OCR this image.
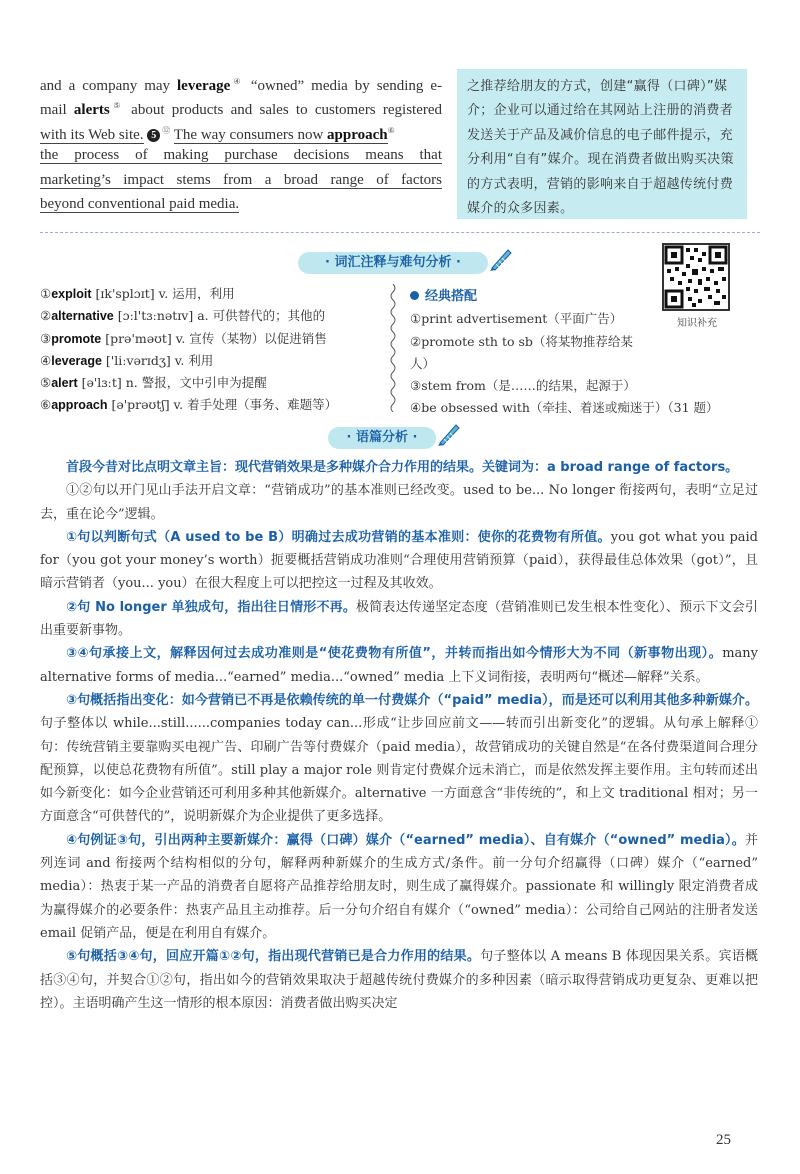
and a company may leverage④ “owned” media by sending e-
mail alerts⑤ about products and sales to customers registered
with its Web site. 5 ⑫ The way consumers now approach⑥
the process of making purchase decisions means that
marketing’s impact stems from a broad range of factors
beyond conventional paid media.
之推荐给朋友的方式，创建“赢得（口碑）”媒介；企业可以通过给在其网站上注册的消费者发送关于产品及减价信息的电子邮件提示，充分利用“自有”媒介。现在消费者做出购买决策的方式表明，营销的影响来自于超越传统付费媒介的众多因素。
· 词汇注释与难句分析 ·
知识补充
①exploit [ɪk'splɔɪt] v. 运用，利用
②alternative [ɔːl'tɜːnətɪv] a. 可供替代的；其他的
③promote [prə'məʊt] v. 宣传（某物）以促进销售
④leverage ['liːvərɪdʒ] v. 利用
⑤alert [ə'lɜːt] n. 警报，文中引申为提醒
⑥approach [ə'prəʊtʃ] v. 着手处理（事务、难题等）
经典搭配
①print advertisement（平面广告）
②promote sth to sb（将某物推荐给某人）
③stem from（是……的结果，起源于）
④be obsessed with（牵挂、着迷或痴迷于）（31 题）
· 语篇分析 ·

首段今昔对比点明文章主旨：现代营销效果是多种媒介合力作用的结果。关键词为：a broad range of factors。

①②句以开门见山手法开启文章：“营销成功”的基本准则已经改变。used to be... No longer 衔接两句，表明“立足过去，重在论今”逻辑。

①句以判断句式（A used to be B）明确过去成功营销的基本准则：使你的花费物有所值。you got what you paid for（you got your money’s worth）扼要概括营销成功准则“合理使用营销预算（paid），获得最佳总体效果（got）”，且暗示营销者（you... you）在很大程度上可以把控这一过程及其收效。

②句 No longer 单独成句，指出往日情形不再。极简表达传递坚定态度（营销准则已发生根本性变化）、预示下文会引出重要新事物。

③④句承接上文，解释因何过去成功准则是“使花费物有所值”，并转而指出如今情形大为不同（新事物出现）。many alternative forms of media...“earned” media...“owned” media 上下义词衔接，表明两句“概述—解释”关系。

③句概括指出变化：如今营销已不再是依赖传统的单一付费媒介（“paid” media），而是还可以利用其他多种新媒介。句子整体以 while...still......companies today can...形成“让步回应前文——转而引出新变化”的逻辑。从句承上解释①句：传统营销主要靠购买电视广告、印刷广告等付费媒介（paid media），故营销成功的关键自然是“在各付费渠道间合理分配预算，以使总花费物有所值”。still play a major role 则肯定付费媒介远未消亡，而是依然发挥主要作用。主句转而述出如今新变化：如今企业营销还可利用多种其他新媒介。alternative 一方面意含“非传统的”，和上文 traditional 相对；另一方面意含“可供替代的”，说明新媒介为企业提供了更多选择。

④句例证③句，引出两种主要新媒介：赢得（口碑）媒介（“earned” media）、自有媒介（“owned” media）。并列连词 and 衔接两个结构相似的分句，解释两种新媒介的生成方式/条件。前一分句介绍赢得（口碑）媒介（“earned” media）：热衷于某一产品的消费者自愿将产品推荐给朋友时，则生成了赢得媒介。passionate 和 willingly 限定消费者成为赢得媒介的必要条件：热衷产品且主动推荐。后一分句介绍自有媒介（“owned” media）：公司给自己网站的注册者发送 email 促销产品，便是在利用自有媒介。

⑤句概括③④句，回应开篇①②句，指出现代营销已是合力作用的结果。句子整体以 A means B 体现因果关系。宾语概括③④句，并契合①②句，指出如今的营销效果取决于超越传统付费媒介的多种因素（暗示取得营销成功更复杂、更难以把控）。主语明确产生这一情形的根本原因：消费者做出购买决定

25
